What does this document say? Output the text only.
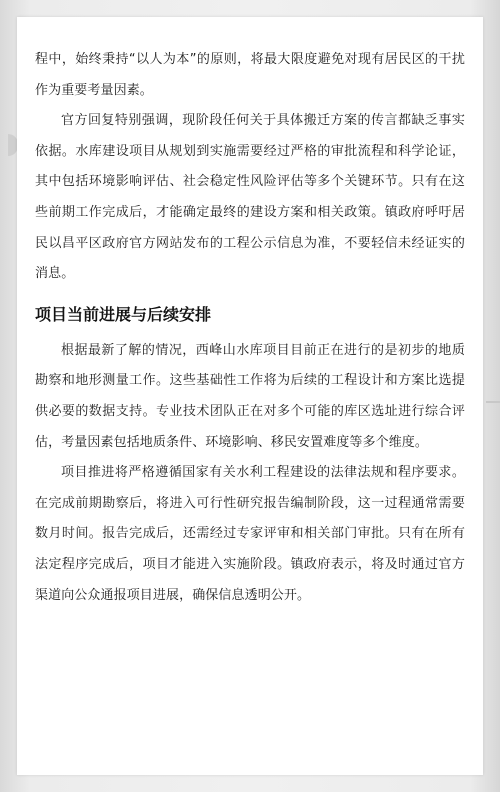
程中，始终秉持“以人为本”的原则，将最大限度避免对现有居民区的干扰作为重要考量因素。

官方回复特别强调，现阶段任何关于具体搬迁方案的传言都缺乏事实依据。水库建设项目从规划到实施需要经过严格的审批流程和科学论证，其中包括环境影响评估、社会稳定性风险评估等多个关键环节。只有在这些前期工作完成后，才能确定最终的建设方案和相关政策。镇政府呼吁居民以昌平区政府官方网站发布的工程公示信息为准，不要轻信未经证实的消息。

项目当前进展与后续安排

根据最新了解的情况，西峰山水库项目目前正在进行的是初步的地质勘察和地形测量工作。这些基础性工作将为后续的工程设计和方案比选提供必要的数据支持。专业技术团队正在对多个可能的库区选址进行综合评估，考量因素包括地质条件、环境影响、移民安置难度等多个维度。

项目推进将严格遵循国家有关水利工程建设的法律法规和程序要求。在完成前期勘察后，将进入可行性研究报告编制阶段，这一过程通常需要数月时间。报告完成后，还需经过专家评审和相关部门审批。只有在所有法定程序完成后，项目才能进入实施阶段。镇政府表示，将及时通过官方渠道向公众通报项目进展，确保信息透明公开。
